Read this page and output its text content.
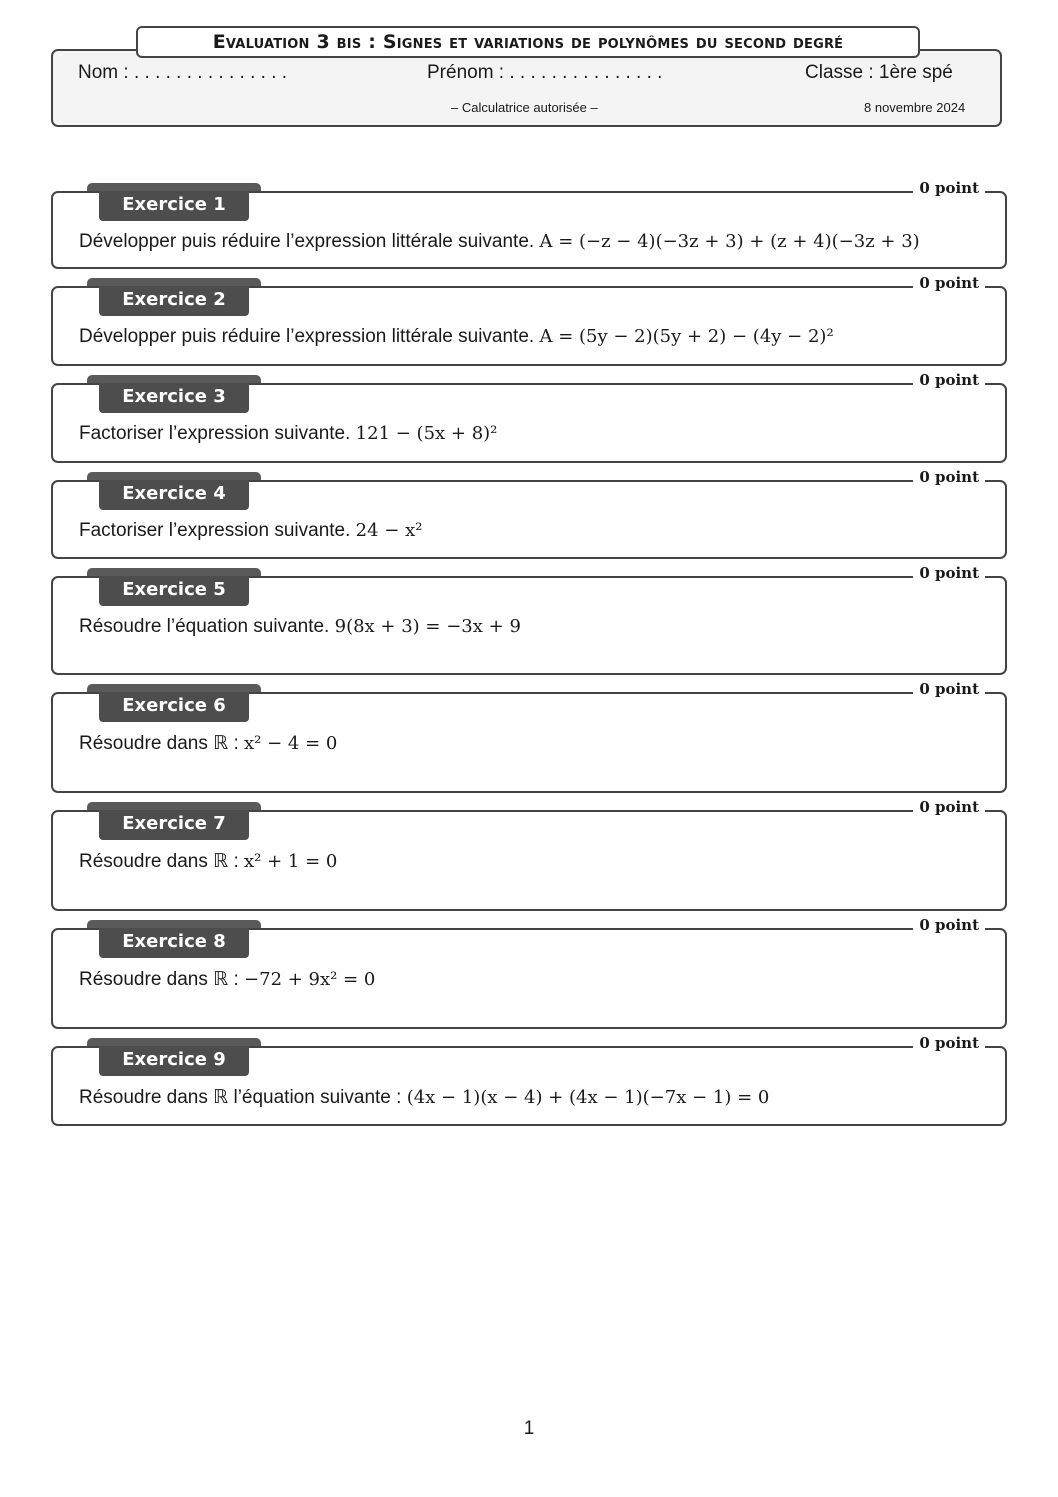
Evaluation 3 bis : Signes et variations de polynômes du second degré
Nom : . . . . . . . . . . . . . . .	Prénom : . . . . . . . . . . . . . . .	Classe : 1ère spé
– Calculatrice autorisée –	8 novembre 2024
Exercice 1
0 point
Développer puis réduire l’expression littérale suivante. A = (−z − 4)(−3z + 3) + (z + 4)(−3z + 3)
Exercice 2
0 point
Développer puis réduire l’expression littérale suivante. A = (5y − 2)(5y + 2) − (4y − 2)²
Exercice 3
0 point
Factoriser l’expression suivante. 121 − (5x + 8)²
Exercice 4
0 point
Factoriser l’expression suivante. 24 − x²
Exercice 5
0 point
Résoudre l’équation suivante. 9(8x + 3) = −3x + 9
Exercice 6
0 point
Résoudre dans ℝ : x² − 4 = 0
Exercice 7
0 point
Résoudre dans ℝ : x² + 1 = 0
Exercice 8
0 point
Résoudre dans ℝ : −72 + 9x² = 0
Exercice 9
0 point
Résoudre dans ℝ l’équation suivante : (4x − 1)(x − 4) + (4x − 1)(−7x − 1) = 0
1
